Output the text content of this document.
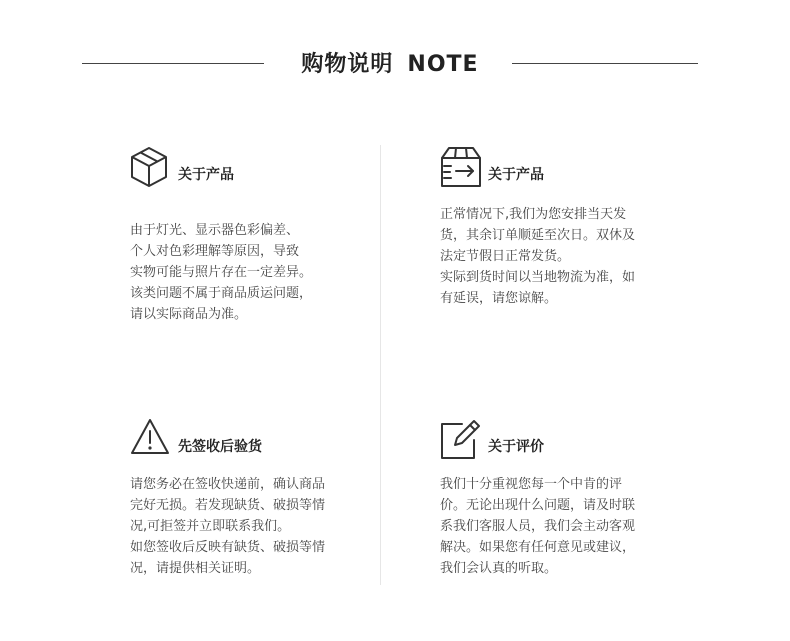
购物说明 NOTE
关于产品

由于灯光、显示器色彩偏差、

个人对色彩理解等原因，导致

实物可能与照片存在一定差异。

该类问题不属于商品质运问题，

请以实际商品为准。

关于产品

正常情况下,我们为您安排当天发

货，其余订单顺延至次日。双休及

法定节假日正常发货。

实际到货时间以当地物流为准，如

有延误，请您谅解。

先签收后验货

请您务必在签收快递前，确认商品

完好无损。若发现缺货、破损等情

况,可拒签并立即联系我们。

如您签收后反映有缺货、破损等情

况，请提供相关证明。

关于评价

我们十分重视您每一个中肯的评

价。无论出现什么问题，请及时联

系我们客服人员，我们会主动客观

解决。如果您有任何意见或建议，

我们会认真的听取。
